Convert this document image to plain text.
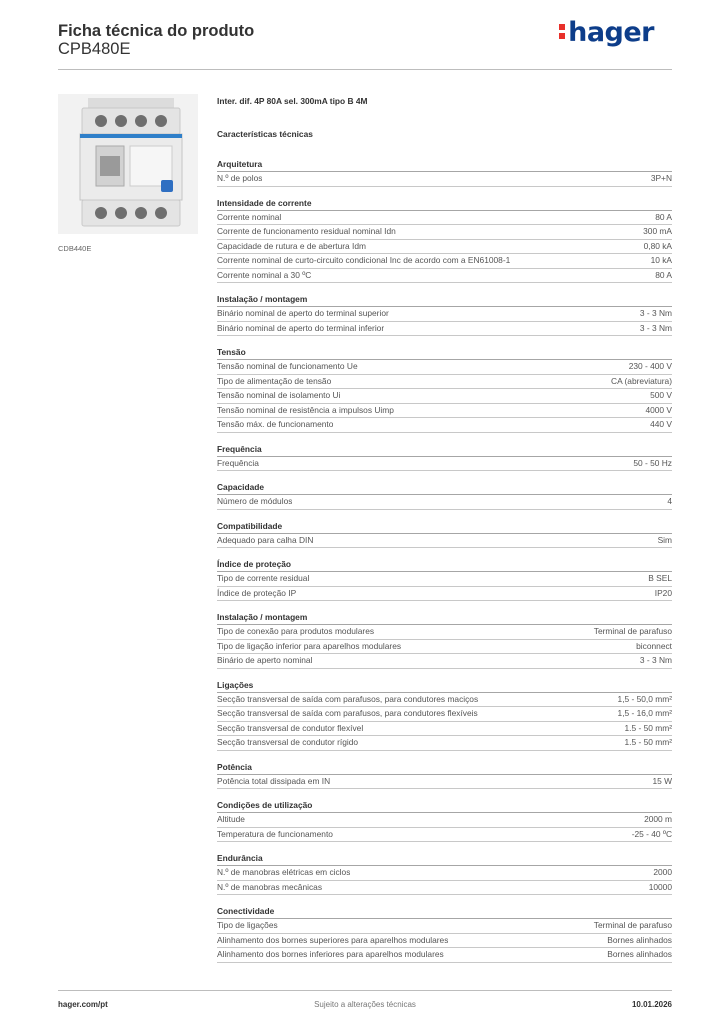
Ficha técnica do produto
CPB480E
hager
CDB440E
Inter. dif. 4P 80A sel. 300mA tipo B 4M
Características técnicas
Arquitetura
N.º de polos	3P+N
Intensidade de corrente
Corrente nominal	80 A
Corrente de funcionamento residual nominal Idn	300 mA
Capacidade de rutura e de abertura Idm	0,80 kA
Corrente nominal de curto-circuito condicional Inc de acordo com a EN61008-1	10 kA
Corrente nominal a 30 ºC	80 A
Instalação / montagem
Binário nominal de aperto do terminal superior	3 - 3 Nm
Binário nominal de aperto do terminal inferior	3 - 3 Nm
Tensão
Tensão nominal de funcionamento Ue	230 - 400 V
Tipo de alimentação de tensão	CA (abreviatura)
Tensão nominal de isolamento Ui	500 V
Tensão nominal de resistência a impulsos Uimp	4000 V
Tensão máx. de funcionamento	440 V
Frequência
Frequência	50 - 50 Hz
Capacidade
Número de módulos	4
Compatibilidade
Adequado para calha DIN	Sim
Índice de proteção
Tipo de corrente residual	B SEL
Índice de proteção IP	IP20
Instalação / montagem
Tipo de conexão para produtos modulares	Terminal de parafuso
Tipo de ligação inferior para aparelhos modulares	biconnect
Binário de aperto nominal	3 - 3 Nm
Ligações
Secção transversal de saída com parafusos, para condutores maciços	1,5 - 50,0 mm²
Secção transversal de saída com parafusos, para condutores flexíveis	1,5 - 16,0 mm²
Secção transversal de condutor flexível	1.5 - 50 mm²
Secção transversal de condutor rígido	1.5 - 50 mm²
Potência
Potência total dissipada em IN	15 W
Condições de utilização
Altitude	2000 m
Temperatura de funcionamento	-25 - 40 ºC
Endurância
N.º de manobras elétricas em ciclos	2000
N.º de manobras mecânicas	10000
Conectividade
Tipo de ligações	Terminal de parafuso
Alinhamento dos bornes superiores para aparelhos modulares	Bornes alinhados
Alinhamento dos bornes inferiores para aparelhos modulares	Bornes alinhados
hager.com/pt	Sujeito a alterações técnicas	10.01.2026
